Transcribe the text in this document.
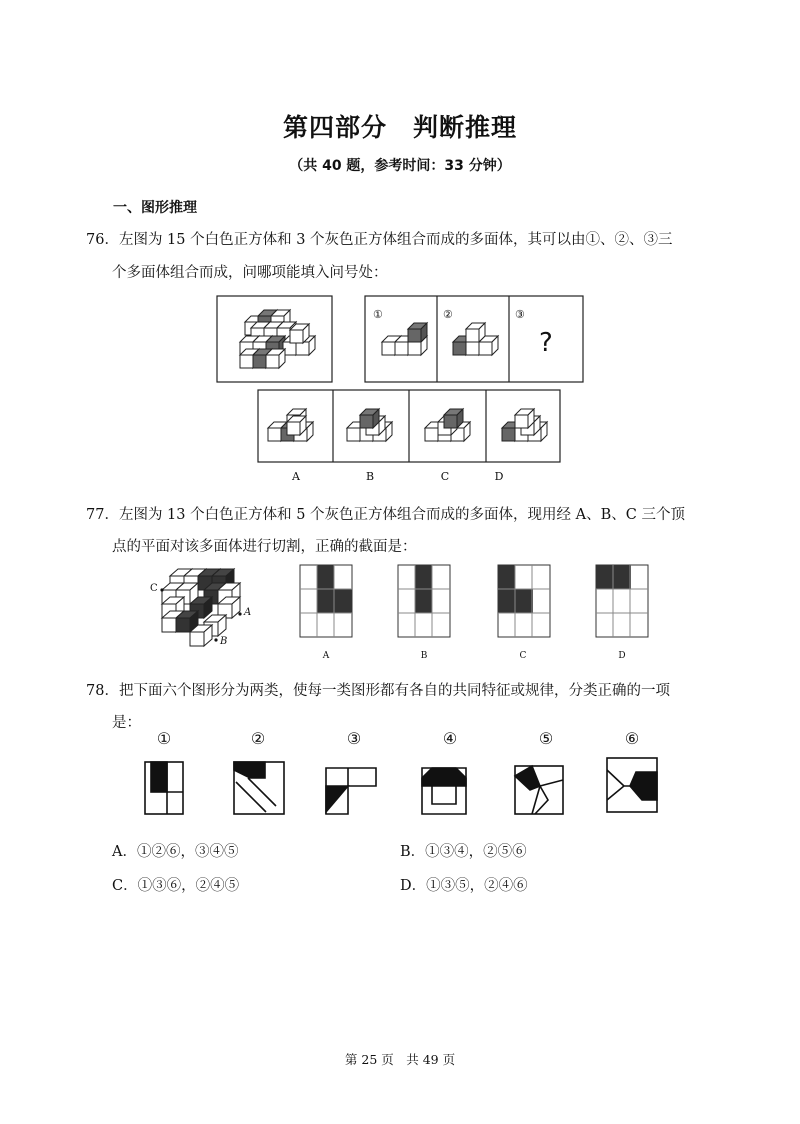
第四部分　判断推理
（共 40 题，参考时间：33 分钟）
一、图形推理
76．左图为 15 个白色正方体和 3 个灰色正方体组合而成的多面体，其可以由①、②、③三
个多面体组合而成，问哪项能填入问号处：
①	②	③
?
A	B	C	D
77．左图为 13 个白色正方体和 5 个灰色正方体组合而成的多面体，现用经 A、B、C 三个顶
点的平面对该多面体进行切割，正确的截面是：
C
A
B
A	B	C	D
78．把下面六个图形分为两类，使每一类图形都有各自的共同特征或规律，分类正确的一项
是：
①	②	③	④	⑤	⑥
A．①②⑥，③④⑤	B．①③④，②⑤⑥
C．①③⑥，②④⑤	D．①③⑤，②④⑥
第 25 页　共 49 页
